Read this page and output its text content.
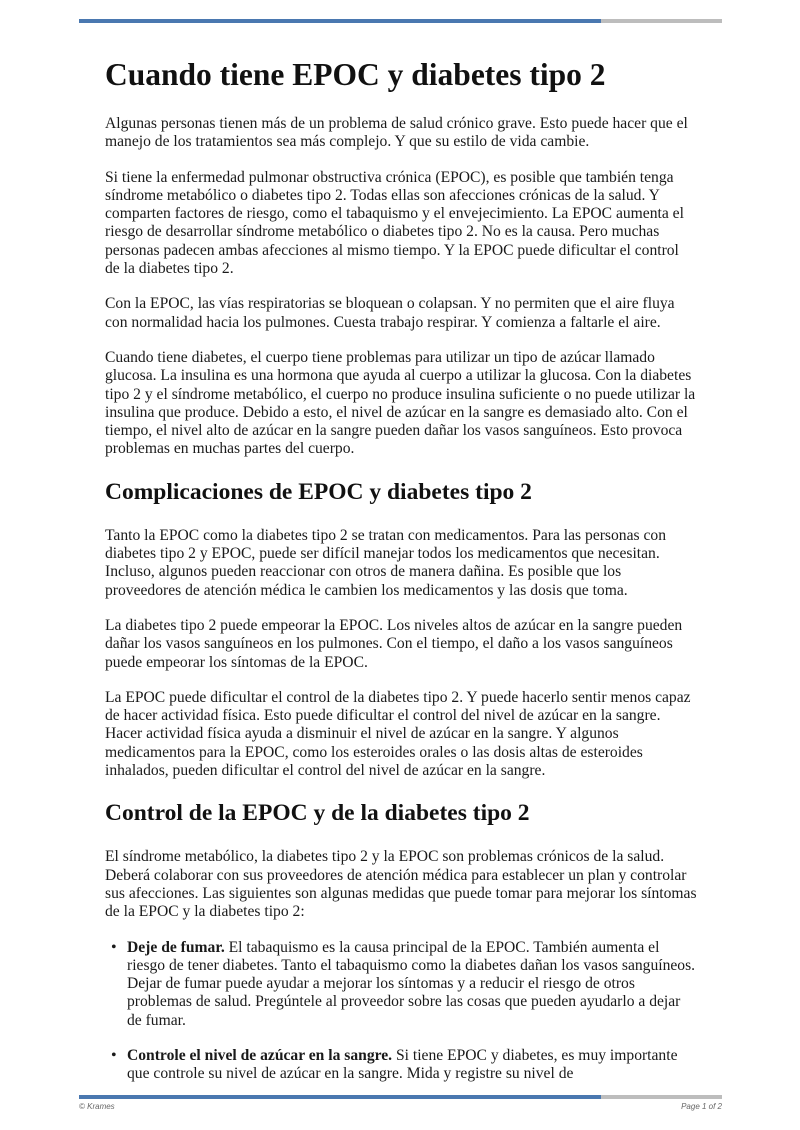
Cuando tiene EPOC y diabetes tipo 2

Algunas personas tienen más de un problema de salud crónico grave. Esto puede hacer que el manejo de los tratamientos sea más complejo. Y que su estilo de vida cambie.

Si tiene la enfermedad pulmonar obstructiva crónica (EPOC), es posible que también tenga síndrome metabólico o diabetes tipo 2. Todas ellas son afecciones crónicas de la salud. Y comparten factores de riesgo, como el tabaquismo y el envejecimiento. La EPOC aumenta el riesgo de desarrollar síndrome metabólico o diabetes tipo 2. No es la causa. Pero muchas personas padecen ambas afecciones al mismo tiempo. Y la EPOC puede dificultar el control de la diabetes tipo 2.

Con la EPOC, las vías respiratorias se bloquean o colapsan. Y no permiten que el aire fluya con normalidad hacia los pulmones. Cuesta trabajo respirar. Y comienza a faltarle el aire.

Cuando tiene diabetes, el cuerpo tiene problemas para utilizar un tipo de azúcar llamado glucosa. La insulina es una hormona que ayuda al cuerpo a utilizar la glucosa. Con la diabetes tipo 2 y el síndrome metabólico, el cuerpo no produce insulina suficiente o no puede utilizar la insulina que produce. Debido a esto, el nivel de azúcar en la sangre es demasiado alto. Con el tiempo, el nivel alto de azúcar en la sangre pueden dañar los vasos sanguíneos. Esto provoca problemas en muchas partes del cuerpo.

Complicaciones de EPOC y diabetes tipo 2

Tanto la EPOC como la diabetes tipo 2 se tratan con medicamentos. Para las personas con diabetes tipo 2 y EPOC, puede ser difícil manejar todos los medicamentos que necesitan. Incluso, algunos pueden reaccionar con otros de manera dañina. Es posible que los proveedores de atención médica le cambien los medicamentos y las dosis que toma.

La diabetes tipo 2 puede empeorar la EPOC. Los niveles altos de azúcar en la sangre pueden dañar los vasos sanguíneos en los pulmones. Con el tiempo, el daño a los vasos sanguíneos puede empeorar los síntomas de la EPOC.

La EPOC puede dificultar el control de la diabetes tipo 2. Y puede hacerlo sentir menos capaz de hacer actividad física. Esto puede dificultar el control del nivel de azúcar en la sangre. Hacer actividad física ayuda a disminuir el nivel de azúcar en la sangre. Y algunos medicamentos para la EPOC, como los esteroides orales o las dosis altas de esteroides inhalados, pueden dificultar el control del nivel de azúcar en la sangre.

Control de la EPOC y de la diabetes tipo 2

El síndrome metabólico, la diabetes tipo 2 y la EPOC son problemas crónicos de la salud. Deberá colaborar con sus proveedores de atención médica para establecer un plan y controlar sus afecciones. Las siguientes son algunas medidas que puede tomar para mejorar los síntomas de la EPOC y la diabetes tipo 2:

• Deje de fumar. El tabaquismo es la causa principal de la EPOC. También aumenta el riesgo de tener diabetes. Tanto el tabaquismo como la diabetes dañan los vasos sanguíneos. Dejar de fumar puede ayudar a mejorar los síntomas y a reducir el riesgo de otros problemas de salud. Pregúntele al proveedor sobre las cosas que pueden ayudarlo a dejar de fumar.
• Controle el nivel de azúcar en la sangre. Si tiene EPOC y diabetes, es muy importante que controle su nivel de azúcar en la sangre. Mida y registre su nivel de
© Krames	Page 1 of 2
